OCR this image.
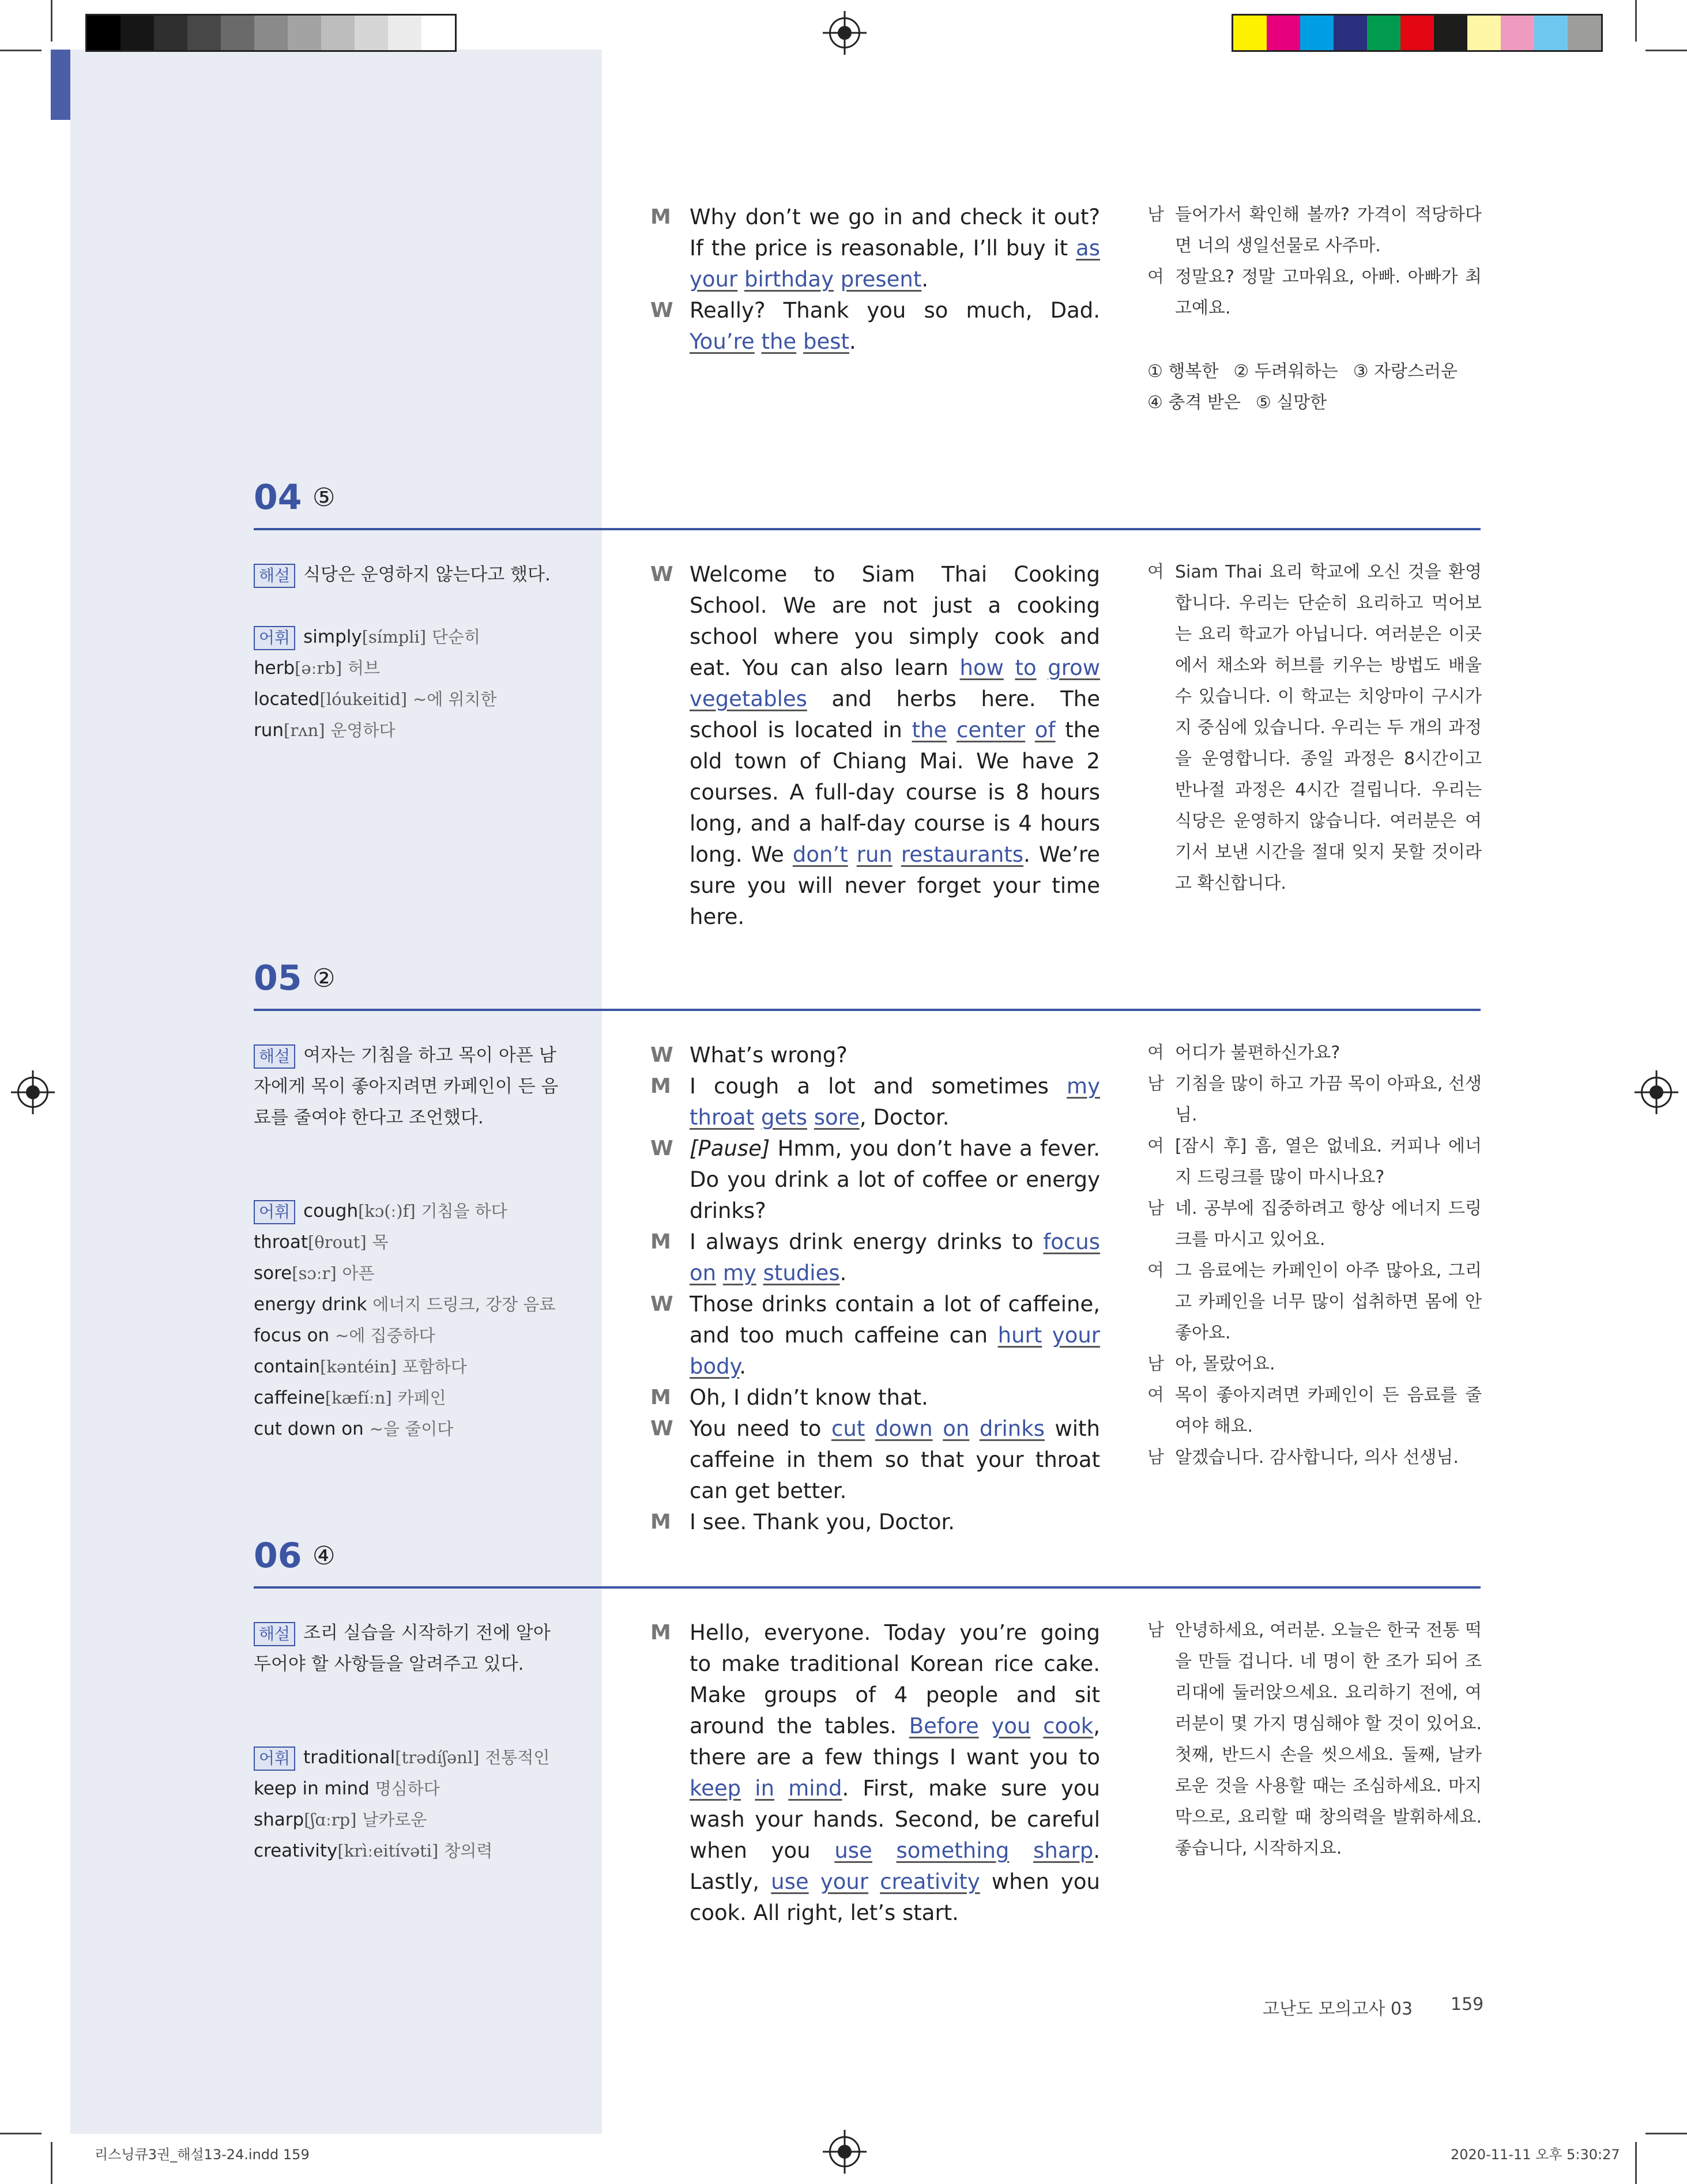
M Why don’t we go in and check it out? If the price is reasonable, I’ll buy it as your birthday present.
W Really? Thank you so much, Dad. You’re the best.
남 들어가서 확인해 볼까? 가격이 적당하다면 너의 생일선물로 사주마.
여 정말요? 정말 고마워요, 아빠. 아빠가 최고예요.
① 행복한 ② 두려워하는 ③ 자랑스러운
④ 충격 받은 ⑤ 실망한
04 ⑤
해설 식당은 운영하지 않는다고 했다.
어휘 simply[símpli] 단순히
herb[əːrb] 허브
located[lóukeitid] ~에 위치한
run[rʌn] 운영하다
W Welcome to Siam Thai Cooking School. We are not just a cooking school where you simply cook and eat. You can also learn how to grow vegetables and herbs here. The school is located in the center of the old town of Chiang Mai. We have 2 courses. A full-day course is 8 hours long, and a half-day course is 4 hours long. We don’t run restaurants. We’re sure you will never forget your time here.
여 Siam Thai 요리 학교에 오신 것을 환영합니다. 우리는 단순히 요리하고 먹어보는 요리 학교가 아닙니다. 여러분은 이곳에서 채소와 허브를 키우는 방법도 배울 수 있습니다. 이 학교는 치앙마이 구시가지 중심에 있습니다. 우리는 두 개의 과정을 운영합니다. 종일 과정은 8시간이고 반나절 과정은 4시간 걸립니다. 우리는 식당은 운영하지 않습니다. 여러분은 여기서 보낸 시간을 절대 잊지 못할 것이라고 확신합니다.
05 ②
해설 여자는 기침을 하고 목이 아픈 남자에게 목이 좋아지려면 카페인이 든 음료를 줄여야 한다고 조언했다.
어휘 cough[kɔ(ː)f] 기침을 하다
throat[θrout] 목
sore[sɔːr] 아픈
energy drink 에너지 드링크, 강장 음료
focus on ~에 집중하다
contain[kəntéin] 포함하다
caffeine[kæfíːn] 카페인
cut down on ~을 줄이다
W What’s wrong?
M I cough a lot and sometimes my throat gets sore, Doctor.
W [Pause] Hmm, you don’t have a fever. Do you drink a lot of coffee or energy drinks?
M I always drink energy drinks to focus on my studies.
W Those drinks contain a lot of caffeine, and too much caffeine can hurt your body.
M Oh, I didn’t know that.
W You need to cut down on drinks with caffeine in them so that your throat can get better.
M I see. Thank you, Doctor.
여 어디가 불편하신가요?
남 기침을 많이 하고 가끔 목이 아파요, 선생님.
여 [잠시 후] 흠, 열은 없네요. 커피나 에너지 드링크를 많이 마시나요?
남 네. 공부에 집중하려고 항상 에너지 드링크를 마시고 있어요.
여 그 음료에는 카페인이 아주 많아요, 그리고 카페인을 너무 많이 섭취하면 몸에 안 좋아요.
남 아, 몰랐어요.
여 목이 좋아지려면 카페인이 든 음료를 줄여야 해요.
남 알겠습니다. 감사합니다, 의사 선생님.
06 ④
해설 조리 실습을 시작하기 전에 알아두어야 할 사항들을 알려주고 있다.
어휘 traditional[trədíʃənl] 전통적인
keep in mind 명심하다
sharp[ʃɑːrp] 날카로운
creativity[krìːeitívəti] 창의력
M Hello, everyone. Today you’re going to make traditional Korean rice cake. Make groups of 4 people and sit around the tables. Before you cook, there are a few things I want you to keep in mind. First, make sure you wash your hands. Second, be careful when you use something sharp. Lastly, use your creativity when you cook. All right, let’s start.
남 안녕하세요, 여러분. 오늘은 한국 전통 떡을 만들 겁니다. 네 명이 한 조가 되어 조리대에 둘러앉으세요. 요리하기 전에, 여러분이 몇 가지 명심해야 할 것이 있어요. 첫째, 반드시 손을 씻으세요. 둘째, 날카로운 것을 사용할 때는 조심하세요. 마지막으로, 요리할 때 창의력을 발휘하세요. 좋습니다, 시작하지요.
고난도 모의고사 03 159
리스닝큐3권_해설13-24.indd 159	2020-11-11 오후 5:30:27
